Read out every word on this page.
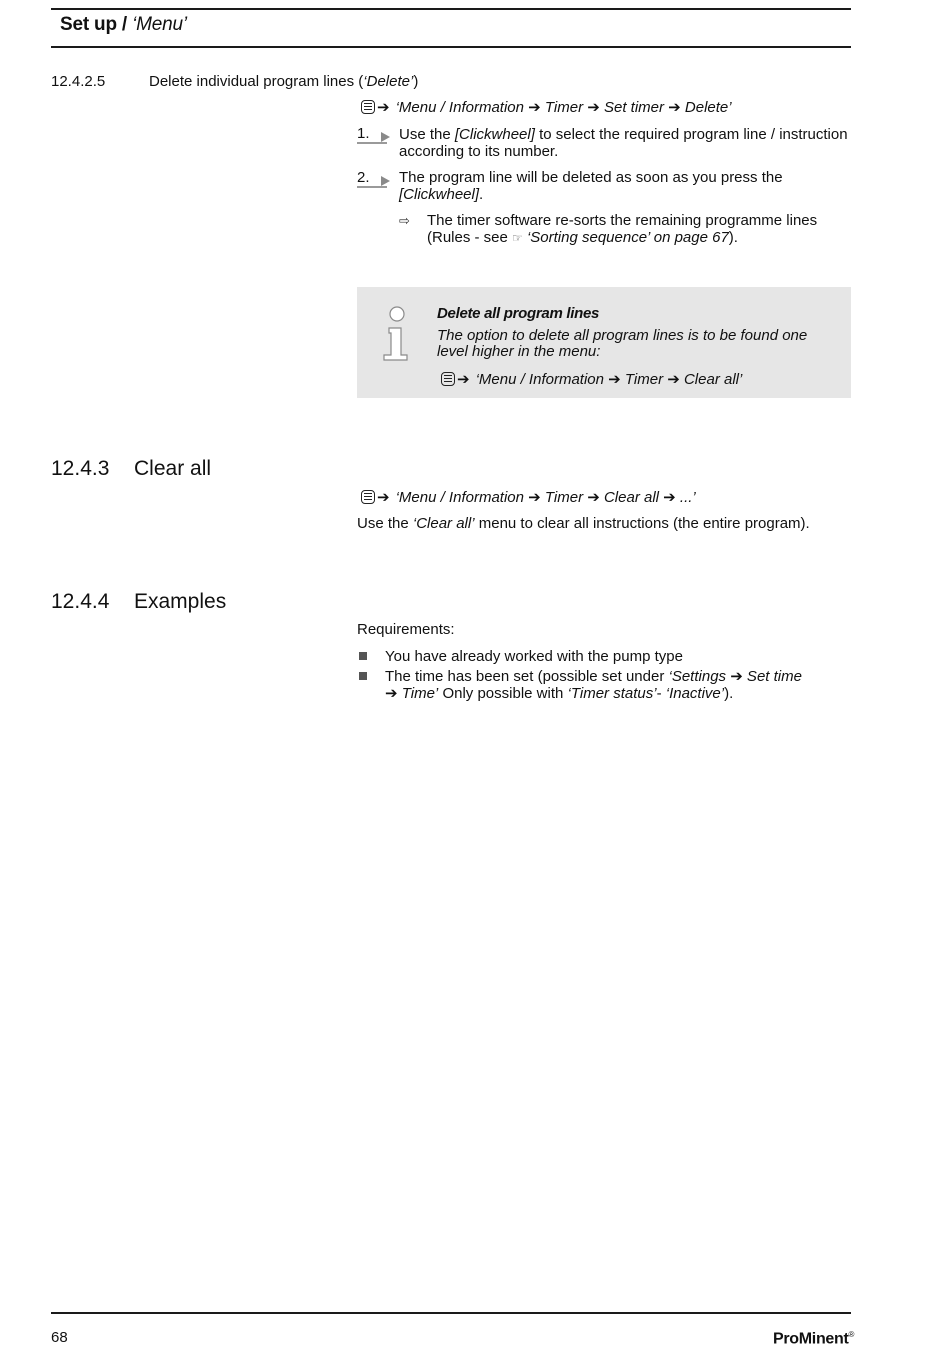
Set up / ‘Menu’
12.4.2.5	Delete individual program lines (‘Delete’)
➔ ‘Menu / Information ➔ Timer ➔ Set timer ➔ Delete’
1. Use the [Clickwheel] to select the required program line / instruction
according to its number.
2. The program line will be deleted as soon as you press the
[Clickwheel].
⇨ The timer software re-sorts the remaining programme lines
(Rules - see ☞ ‘Sorting sequence’ on page 67).
Delete all program lines
The option to delete all program lines is to be found one
level higher in the menu:
➔ ‘Menu / Information ➔ Timer ➔ Clear all’
12.4.3 Clear all
➔ ‘Menu / Information ➔ Timer ➔ Clear all ➔ ...’
Use the ‘Clear all’ menu to clear all instructions (the entire program).
12.4.4 Examples
Requirements:
You have already worked with the pump type
The time has been set (possible set under ‘Settings ➔ Set time
➔ Time’ Only possible with ‘Timer status’- ‘Inactive’).
68	ProMinent®
